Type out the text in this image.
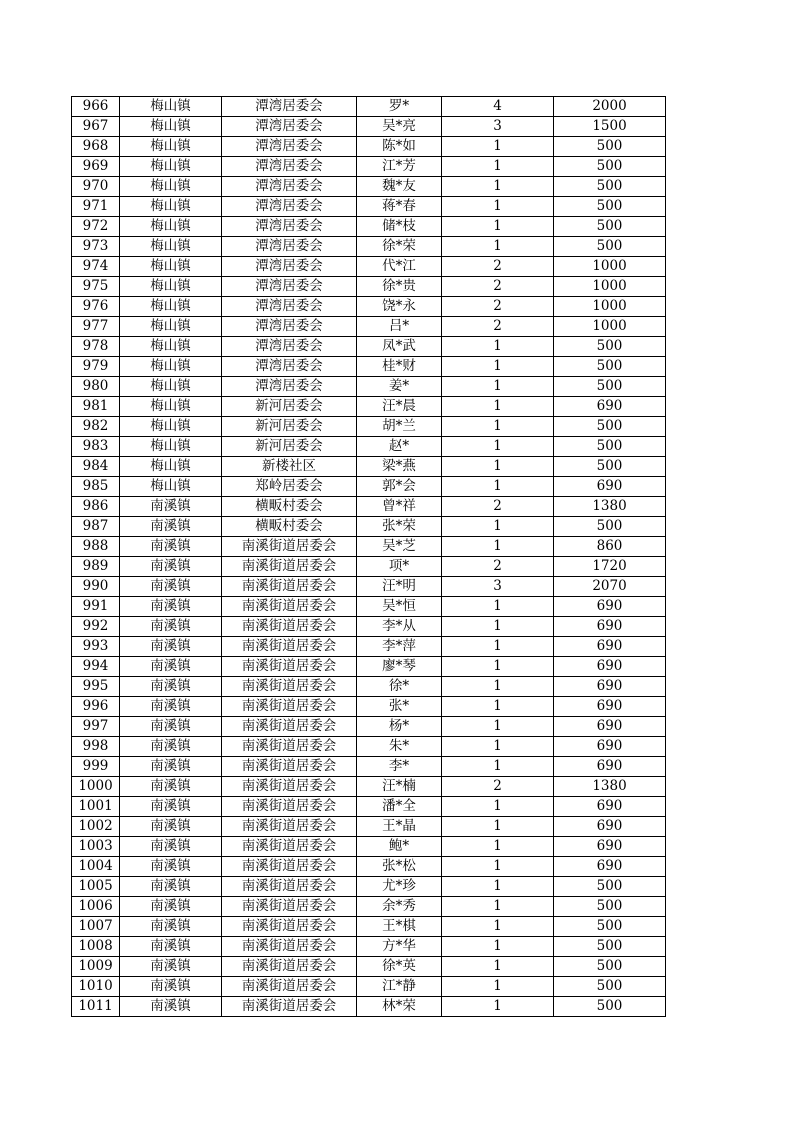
966	梅山镇	潭湾居委会	罗*	4	2000
967	梅山镇	潭湾居委会	吴*亮	3	1500
968	梅山镇	潭湾居委会	陈*如	1	500
969	梅山镇	潭湾居委会	江*芳	1	500
970	梅山镇	潭湾居委会	魏*友	1	500
971	梅山镇	潭湾居委会	蒋*春	1	500
972	梅山镇	潭湾居委会	储*枝	1	500
973	梅山镇	潭湾居委会	徐*荣	1	500
974	梅山镇	潭湾居委会	代*江	2	1000
975	梅山镇	潭湾居委会	徐*贵	2	1000
976	梅山镇	潭湾居委会	饶*永	2	1000
977	梅山镇	潭湾居委会	吕*	2	1000
978	梅山镇	潭湾居委会	凤*武	1	500
979	梅山镇	潭湾居委会	桂*财	1	500
980	梅山镇	潭湾居委会	姜*	1	500
981	梅山镇	新河居委会	汪*晨	1	690
982	梅山镇	新河居委会	胡*兰	1	500
983	梅山镇	新河居委会	赵*	1	500
984	梅山镇	新楼社区	梁*燕	1	500
985	梅山镇	郑岭居委会	郭*会	1	690
986	南溪镇	横畈村委会	曾*祥	2	1380
987	南溪镇	横畈村委会	张*荣	1	500
988	南溪镇	南溪街道居委会	吴*芝	1	860
989	南溪镇	南溪街道居委会	项*	2	1720
990	南溪镇	南溪街道居委会	汪*明	3	2070
991	南溪镇	南溪街道居委会	吴*恒	1	690
992	南溪镇	南溪街道居委会	李*从	1	690
993	南溪镇	南溪街道居委会	李*萍	1	690
994	南溪镇	南溪街道居委会	廖*琴	1	690
995	南溪镇	南溪街道居委会	徐*	1	690
996	南溪镇	南溪街道居委会	张*	1	690
997	南溪镇	南溪街道居委会	杨*	1	690
998	南溪镇	南溪街道居委会	朱*	1	690
999	南溪镇	南溪街道居委会	李*	1	690
1000	南溪镇	南溪街道居委会	汪*楠	2	1380
1001	南溪镇	南溪街道居委会	潘*全	1	690
1002	南溪镇	南溪街道居委会	王*晶	1	690
1003	南溪镇	南溪街道居委会	鲍*	1	690
1004	南溪镇	南溪街道居委会	张*松	1	690
1005	南溪镇	南溪街道居委会	尤*珍	1	500
1006	南溪镇	南溪街道居委会	余*秀	1	500
1007	南溪镇	南溪街道居委会	王*棋	1	500
1008	南溪镇	南溪街道居委会	方*华	1	500
1009	南溪镇	南溪街道居委会	徐*英	1	500
1010	南溪镇	南溪街道居委会	江*静	1	500
1011	南溪镇	南溪街道居委会	林*荣	1	500
